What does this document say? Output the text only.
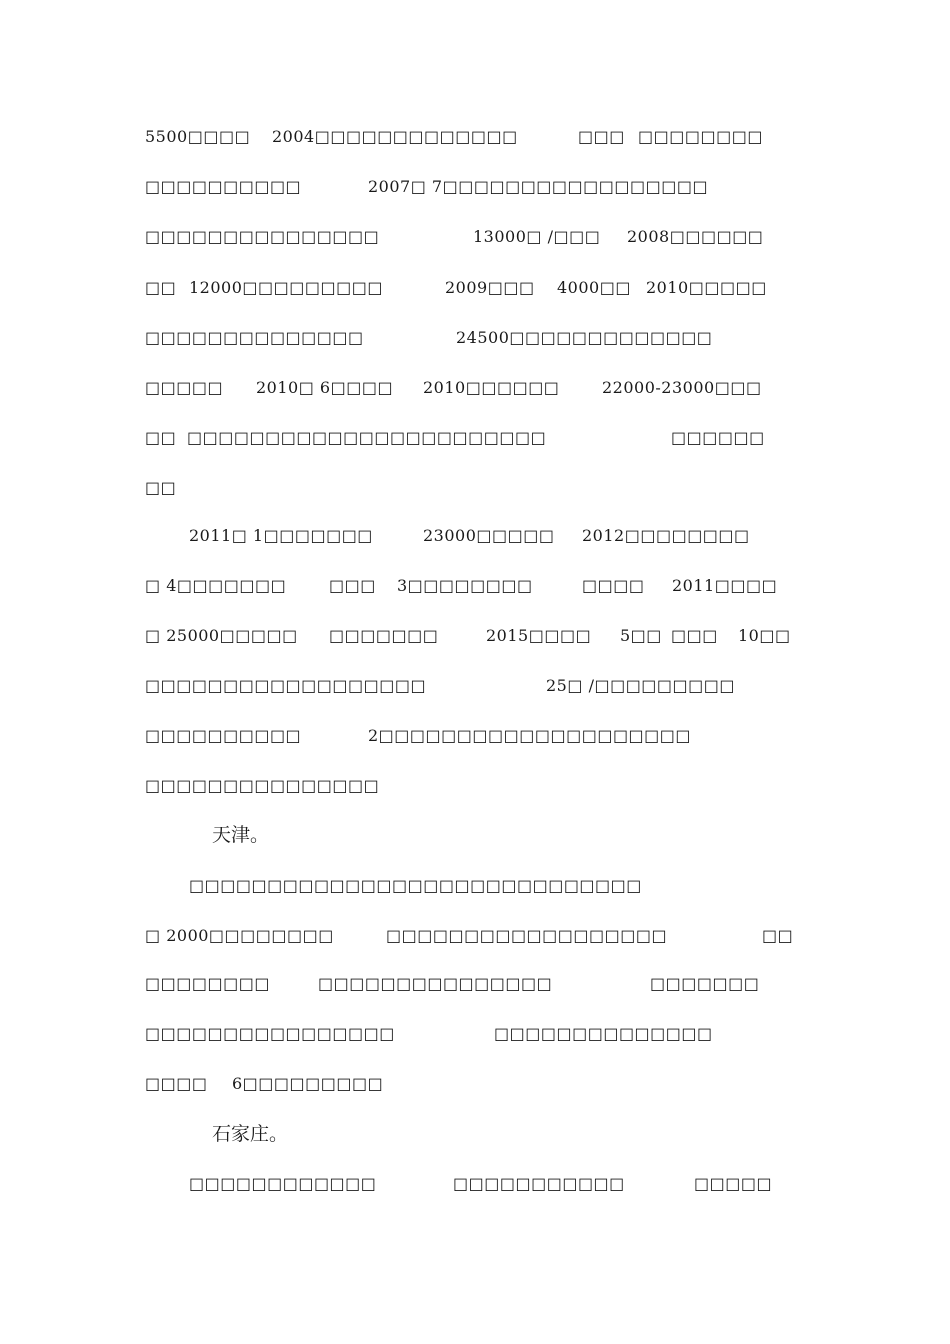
5500□□□□

2004□□□□□□□□□□□□□

	□□□

□□□□□□□□

□□□□□□□□□□

	2007□ 7□□□□□□□□□□□□□□□□□

□□□□□□□□□□□□□□□

	13000□ /□□□

2008□□□□□□

□□

12000□□□□□□□□□

	2009□□□

4000□□

2010□□□□□

□□□□□□□□□□□□□□

	24500□□□□□□□□□□□□□

□□□□□

2010□ 6□□□□

2010□□□□□□

	22000-23000□□□

□□

□□□□□□□□□□□□□□□□□□□□□□□

	□□□□□□

□□

2011□ 1□□□□□□□

	23000□□□□□

2012□□□□□□□□

□ 4□□□□□□□

	□□□

3□□□□□□□□

	□□□□

2011□□□□

□ 25000□□□□□

□□□□□□□

	2015□□□□

5□□

□□□

10□□

□□□□□□□□□□□□□□□□□□

	25□ /□□□□□□□□□

□□□□□□□□□□

	2□□□□□□□□□□□□□□□□□□□□

□□□□□□□□□□□□□□□

天津。

□□□□□□□□□□□□□□□□□□□□□□□□□□□□□

□ 2000□□□□□□□□

	□□□□□□□□□□□□□□□□□□

	□□

□□□□□□□□

	□□□□□□□□□□□□□□□

	□□□□□□□

□□□□□□□□□□□□□□□□

	□□□□□□□□□□□□□□

□□□□

6□□□□□□□□□

石家庄。

□□□□□□□□□□□□

	□□□□□□□□□□□

	□□□□□
